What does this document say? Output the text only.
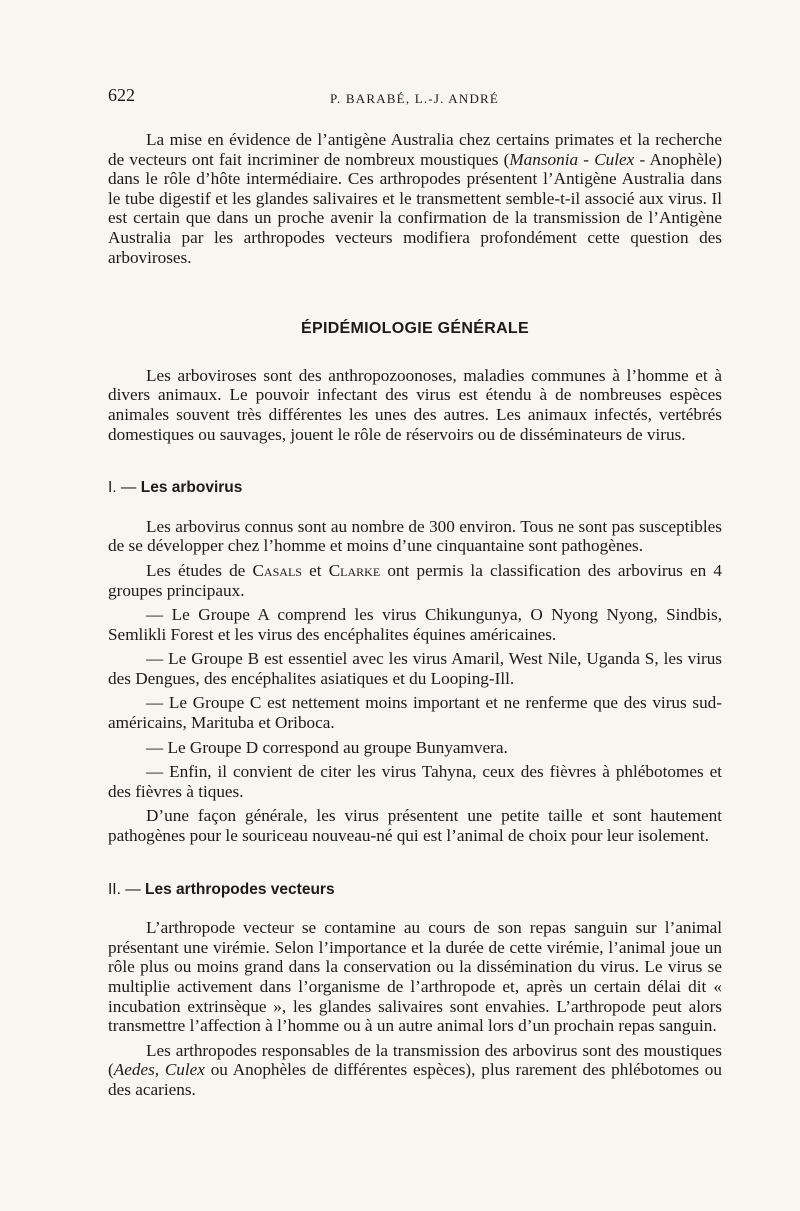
622	P. BARABÉ, L.-J. ANDRÉ

La mise en évidence de l’antigène Australia chez certains primates et la recherche de vecteurs ont fait incriminer de nombreux moustiques (Mansonia - Culex - Anophèle) dans le rôle d’hôte intermédiaire. Ces arthropodes présentent l’Antigène Australia dans le tube digestif et les glandes salivaires et le transmettent semble-t-il associé aux virus. Il est certain que dans un proche avenir la confirmation de la transmission de l’Antigène Australia par les arthropodes vecteurs modifiera profondément cette question des arboviroses.

ÉPIDÉMIOLOGIE GÉNÉRALE

Les arboviroses sont des anthropozoonoses, maladies communes à l’homme et à divers animaux. Le pouvoir infectant des virus est étendu à de nombreuses espèces animales souvent très différentes les unes des autres. Les animaux infectés, vertébrés domestiques ou sauvages, jouent le rôle de réservoirs ou de disséminateurs de virus.

I. — Les arbovirus

Les arbovirus connus sont au nombre de 300 environ. Tous ne sont pas susceptibles de se développer chez l’homme et moins d’une cinquantaine sont pathogènes.

Les études de Casals et Clarke ont permis la classification des arbovirus en 4 groupes principaux.

— Le Groupe A comprend les virus Chikungunya, O Nyong Nyong, Sindbis, Semlikli Forest et les virus des encéphalites équines américaines.

— Le Groupe B est essentiel avec les virus Amaril, West Nile, Uganda S, les virus des Dengues, des encéphalites asiatiques et du Looping-Ill.

— Le Groupe C est nettement moins important et ne renferme que des virus sud-américains, Marituba et Oriboca.

— Le Groupe D correspond au groupe Bunyamvera.

— Enfin, il convient de citer les virus Tahyna, ceux des fièvres à phlébotomes et des fièvres à tiques.

D’une façon générale, les virus présentent une petite taille et sont hautement pathogènes pour le souriceau nouveau-né qui est l’animal de choix pour leur isolement.

II. — Les arthropodes vecteurs

L’arthropode vecteur se contamine au cours de son repas sanguin sur l’animal présentant une virémie. Selon l’importance et la durée de cette virémie, l’animal joue un rôle plus ou moins grand dans la conservation ou la dissémination du virus. Le virus se multiplie activement dans l’organisme de l’arthropode et, après un certain délai dit « incubation extrinsèque », les glandes salivaires sont envahies. L’arthropode peut alors transmettre l’affection à l’homme ou à un autre animal lors d’un prochain repas sanguin.

Les arthropodes responsables de la transmission des arbovirus sont des moustiques (Aedes, Culex ou Anophèles de différentes espèces), plus rarement des phlébotomes ou des acariens.
